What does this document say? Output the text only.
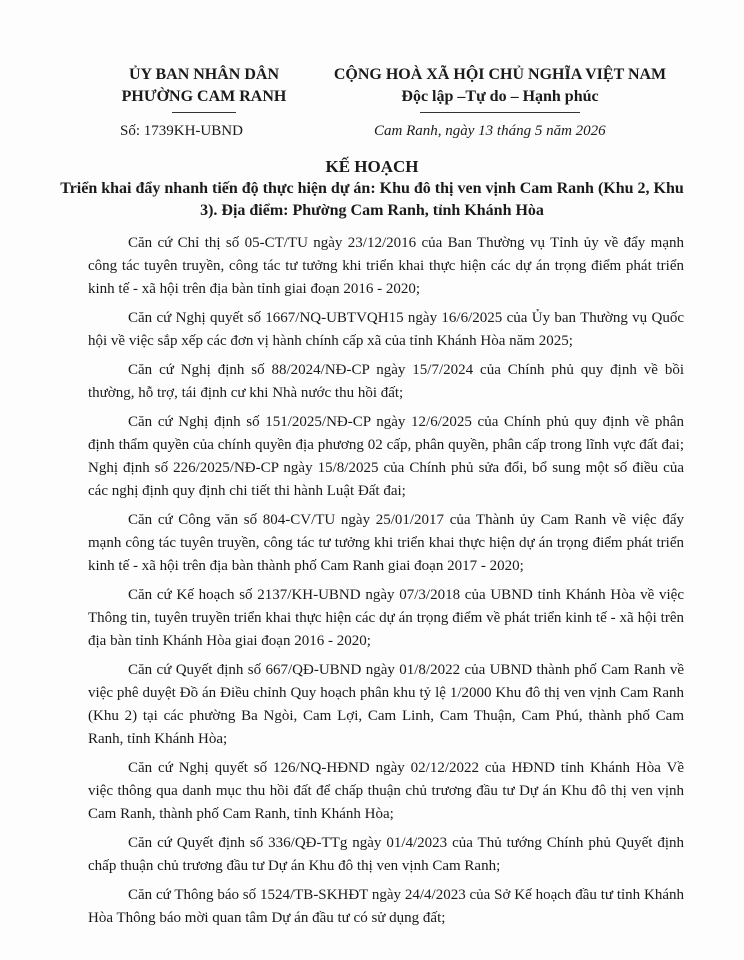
ỦY BAN NHÂN DÂN
PHƯỜNG CAM RANH
CỘNG HOÀ XÃ HỘI CHỦ NGHĨA VIỆT NAM
Độc lập –Tự do – Hạnh phúc
Số: 1739KH-UBND	Cam Ranh, ngày 13 tháng 5 năm 2026
KẾ HOẠCH
Triển khai đẩy nhanh tiến độ thực hiện dự án: Khu đô thị ven vịnh Cam Ranh (Khu 2, Khu 3). Địa điểm: Phường Cam Ranh, tỉnh Khánh Hòa

Căn cứ Chỉ thị số 05-CT/TU ngày 23/12/2016 của Ban Thường vụ Tỉnh ủy về đẩy mạnh công tác tuyên truyền, công tác tư tưởng khi triển khai thực hiện các dự án trọng điểm phát triển kinh tế - xã hội trên địa bàn tỉnh giai đoạn 2016 - 2020;

Căn cứ Nghị quyết số 1667/NQ-UBTVQH15 ngày 16/6/2025 của Ủy ban Thường vụ Quốc hội về việc sắp xếp các đơn vị hành chính cấp xã của tỉnh Khánh Hòa năm 2025;

Căn cứ Nghị định số 88/2024/NĐ-CP ngày 15/7/2024 của Chính phủ quy định về bồi thường, hỗ trợ, tái định cư khi Nhà nước thu hồi đất;

Căn cứ Nghị định số 151/2025/NĐ-CP ngày 12/6/2025 của Chính phủ quy định về phân định thẩm quyền của chính quyền địa phương 02 cấp, phân quyền, phân cấp trong lĩnh vực đất đai; Nghị định số 226/2025/NĐ-CP ngày 15/8/2025 của Chính phủ sửa đổi, bổ sung một số điều của các nghị định quy định chi tiết thi hành Luật Đất đai;

Căn cứ Công văn số 804-CV/TU ngày 25/01/2017 của Thành ủy Cam Ranh về việc đẩy mạnh công tác tuyên truyền, công tác tư tưởng khi triển khai thực hiện dự án trọng điểm phát triển kinh tế - xã hội trên địa bàn thành phố Cam Ranh giai đoạn 2017 - 2020;

Căn cứ Kế hoạch số 2137/KH-UBND ngày 07/3/2018 của UBND tỉnh Khánh Hòa về việc Thông tin, tuyên truyền triển khai thực hiện các dự án trọng điểm về phát triển kinh tế - xã hội trên địa bàn tỉnh Khánh Hòa giai đoạn 2016 - 2020;

Căn cứ Quyết định số 667/QĐ-UBND ngày 01/8/2022 của UBND thành phố Cam Ranh về việc phê duyệt Đồ án Điều chỉnh Quy hoạch phân khu tỷ lệ 1/2000 Khu đô thị ven vịnh Cam Ranh (Khu 2) tại các phường Ba Ngòi, Cam Lợi, Cam Linh, Cam Thuận, Cam Phú, thành phố Cam Ranh, tỉnh Khánh Hòa;

Căn cứ Nghị quyết số 126/NQ-HĐND ngày 02/12/2022 của HĐND tỉnh Khánh Hòa Về việc thông qua danh mục thu hồi đất để chấp thuận chủ trương đầu tư Dự án Khu đô thị ven vịnh Cam Ranh, thành phố Cam Ranh, tỉnh Khánh Hòa;

Căn cứ Quyết định số 336/QĐ-TTg ngày 01/4/2023 của Thủ tướng Chính phủ Quyết định chấp thuận chủ trương đầu tư Dự án Khu đô thị ven vịnh Cam Ranh;

Căn cứ Thông báo số 1524/TB-SKHĐT ngày 24/4/2023 của Sở Kế hoạch đầu tư tỉnh Khánh Hòa Thông báo mời quan tâm Dự án đầu tư có sử dụng đất;
